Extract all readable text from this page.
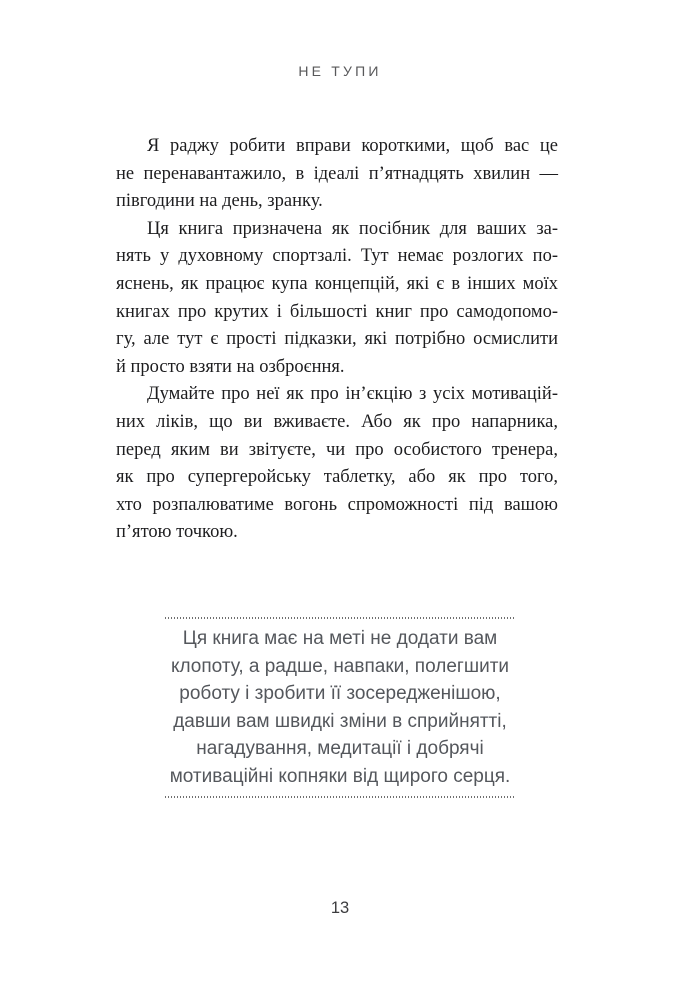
НЕ ТУПИ
Я раджу робити вправи короткими, щоб вас це
не перенавантажило, в ідеалі п’ятнадцять хвилин —
півгодини на день, зранку.
Ця книга призначена як посібник для ваших за-
нять у духовному спортзалі. Тут немає розлогих по-
яснень, як працює купа концепцій, які є в інших моїх
книгах про крутих і більшості книг про самодопомо-
гу, але тут є прості підказки, які потрібно осмислити
й просто взяти на озброєння.
Думайте про неї як про ін’єкцію з усіх мотивацій-
них ліків, що ви вживаєте. Або як про напарника,
перед яким ви звітуєте, чи про особистого тренера,
як про супергеройську таблетку, або як про того,
хто розпалюватиме вогонь спроможності під вашою
п’ятою точкою.
Ця книга має на меті не додати вам
клопоту, а радше, навпаки, полегшити
роботу і зробити її зосередженішою,
давши вам швидкі зміни в сприйнятті,
нагадування, медитації і добрячі
мотиваційні копняки від щирого серця.
13
